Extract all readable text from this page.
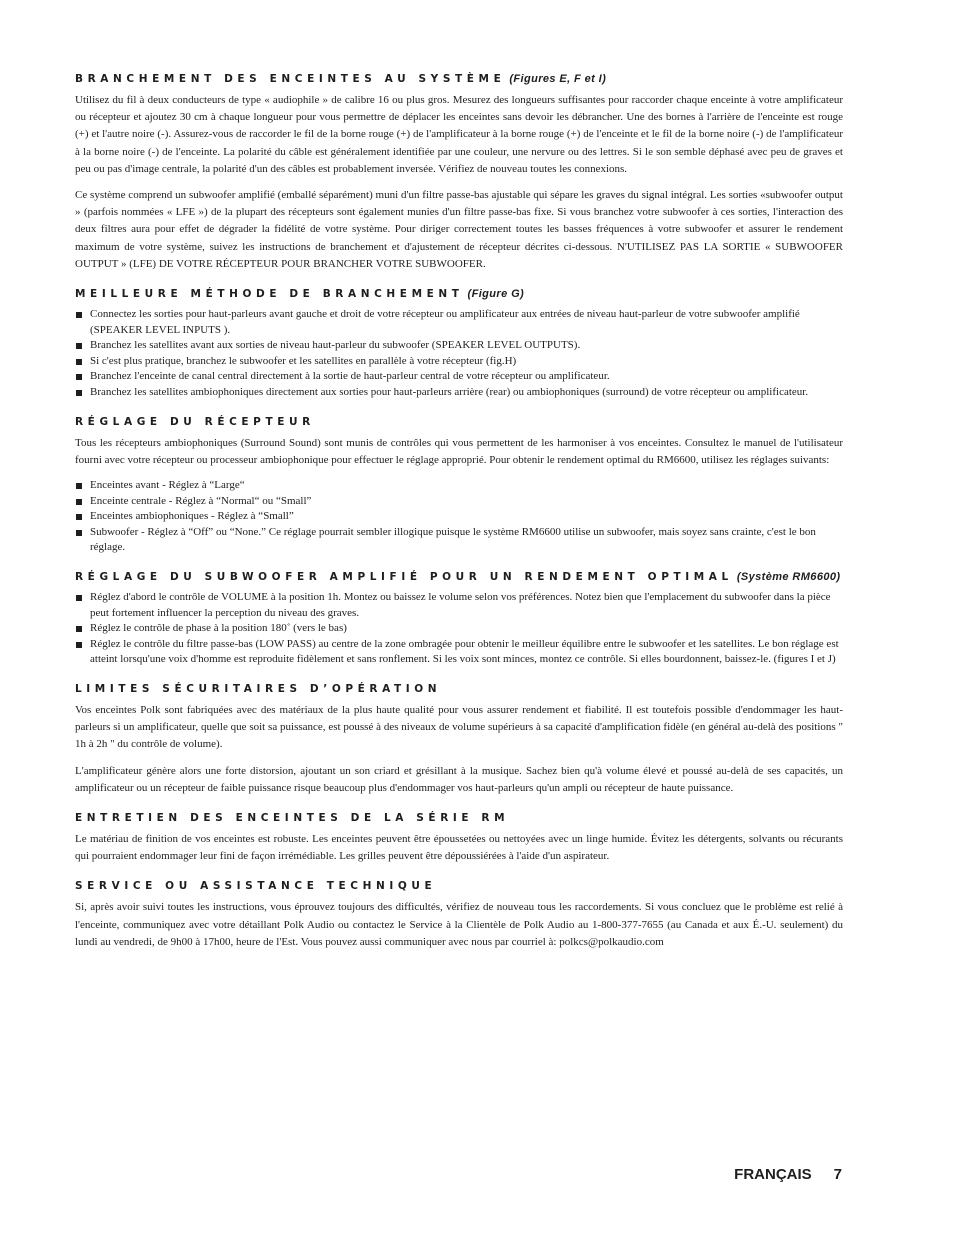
BRANCHEMENT DES ENCEINTES AU SYSTÈME (Figures E, F et I)

Utilisez du fil à deux conducteurs de type « audiophile » de calibre 16 ou plus gros. Mesurez des longueurs suffisantes pour raccorder chaque enceinte à votre amplificateur ou récepteur et ajoutez 30 cm à chaque longueur pour vous permettre de déplacer les enceintes sans devoir les débrancher. Une des bornes à l'arrière de l'enceinte est rouge (+) et l'autre noire (-). Assurez-vous de raccorder le fil de la borne rouge (+) de l'amplificateur à la borne rouge (+) de l'enceinte et le fil de la borne noire (-) de l'amplificateur à la borne noire (-) de l'enceinte. La polarité du câble est généralement identifiée par une couleur, une nervure ou des lettres. Si le son semble déphasé avec peu de graves et peu ou pas d'image centrale, la polarité d'un des câbles est probablement inversée. Vérifiez de nouveau toutes les connexions.

Ce système comprend un subwoofer amplifié (emballé séparément) muni d'un filtre passe-bas ajustable qui sépare les graves du signal intégral. Les sorties «subwoofer output » (parfois nommées « LFE ») de la plupart des récepteurs sont également munies d'un filtre passe-bas fixe. Si vous branchez votre subwoofer à ces sorties, l'interaction des deux filtres aura pour effet de dégrader la fidélité de votre système. Pour diriger correctement toutes les basses fréquences à votre subwoofer et assurer le rendement maximum de votre système, suivez les instructions de branchement et d'ajustement de récepteur décrites ci-dessous. N'UTILISEZ PAS LA SORTIE « SUBWOOFER OUTPUT » (LFE) DE VOTRE RÉCEPTEUR POUR BRANCHER VOTRE SUBWOOFER.

MEILLEURE MÉTHODE DE BRANCHEMENT (Figure G)
Connectez les sorties pour haut-parleurs avant gauche et droit de votre récepteur ou amplificateur aux entrées de niveau haut-parleur de votre subwoofer amplifié (SPEAKER LEVEL INPUTS ).
Branchez les satellites avant aux sorties de niveau haut-parleur du subwoofer (SPEAKER LEVEL OUTPUTS).
Si c'est plus pratique, branchez le subwoofer et les satellites en parallèle à votre récepteur (fig.H)
Branchez l'enceinte de canal central directement à la sortie de haut-parleur central de votre récepteur ou amplificateur.
Branchez les satellites ambiophoniques directement aux sorties pour haut-parleurs arrière (rear) ou ambiophoniques (surround) de votre récepteur ou amplificateur.
RÉGLAGE DU RÉCEPTEUR

Tous les récepteurs ambiophoniques (Surround Sound) sont munis de contrôles qui vous permettent de les harmoniser à vos enceintes. Consultez le manuel de l'utilisateur fourni avec votre récepteur ou processeur ambiophonique pour effectuer le réglage approprié. Pour obtenir le rendement optimal du RM6600, utilisez les réglages suivants:

Enceintes avant - Réglez à “Large“
Enceinte centrale - Réglez à “Normal“ ou “Small”
Enceintes ambiophoniques - Réglez à “Small”
Subwoofer - Réglez à “Off” ou “None.” Ce réglage pourrait sembler illogique puisque le système RM6600 utilise un subwoofer, mais soyez sans crainte, c'est le bon réglage.
RÉGLAGE DU SUBWOOFER AMPLIFIÉ POUR UN RENDEMENT OPTIMAL (Système RM6600)
Réglez d'abord le contrôle de VOLUME à la position 1h. Montez ou baissez le volume selon vos préférences. Notez bien que l'emplacement du subwoofer dans la pièce peut fortement influencer la perception du niveau des graves.
Réglez le contrôle de phase à la position 180˚ (vers le bas)
Réglez le contrôle du filtre passe-bas (LOW PASS) au centre de la zone ombragée pour obtenir le meilleur équilibre entre le subwoofer et les satellites. Le bon réglage est atteint lorsqu'une voix d'homme est reproduite fidèlement et sans ronflement. Si les voix sont minces, montez ce contrôle. Si elles bourdonnent, baissez-le. (figures I et J)
LIMITES SÉCURITAIRES D’OPÉRATION

Vos enceintes Polk sont fabriquées avec des matériaux de la plus haute qualité pour vous assurer rendement et fiabilité. Il est toutefois possible d'endommager les haut-parleurs si un amplificateur, quelle que soit sa puissance, est poussé à des niveaux de volume supérieurs à sa capacité d'amplification fidèle (en général au-delà des positions " 1h à 2h " du contrôle de volume).

L'amplificateur génère alors une forte distorsion, ajoutant un son criard et grésillant à la musique. Sachez bien qu'à volume élevé et poussé au-delà de ses capacités, un amplificateur ou un récepteur de faible puissance risque beaucoup plus d'endommager vos haut-parleurs qu'un ampli ou récepteur de haute puissance.

ENTRETIEN DES ENCEINTES DE LA SÉRIE RM

Le matériau de finition de vos enceintes est robuste. Les enceintes peuvent être époussetées ou nettoyées avec un linge humide. Évitez les détergents, solvants ou récurants qui pourraient endommager leur fini de façon irrémédiable. Les grilles peuvent être dépoussiérées à l'aide d'un aspirateur.

SERVICE OU ASSISTANCE TECHNIQUE

Si, après avoir suivi toutes les instructions, vous éprouvez toujours des difficultés, vérifiez de nouveau tous les raccordements. Si vous concluez que le problème est relié à l'enceinte, communiquez avec votre détaillant Polk Audio ou contactez le Service à la Clientèle de Polk Audio au 1-800-377-7655 (au Canada et aux É.-U. seulement) du lundi au vendredi, de 9h00 à 17h00, heure de l'Est. Vous pouvez aussi communiquer avec nous par courriel à: polkcs@polkaudio.com

FRANÇAIS 7
